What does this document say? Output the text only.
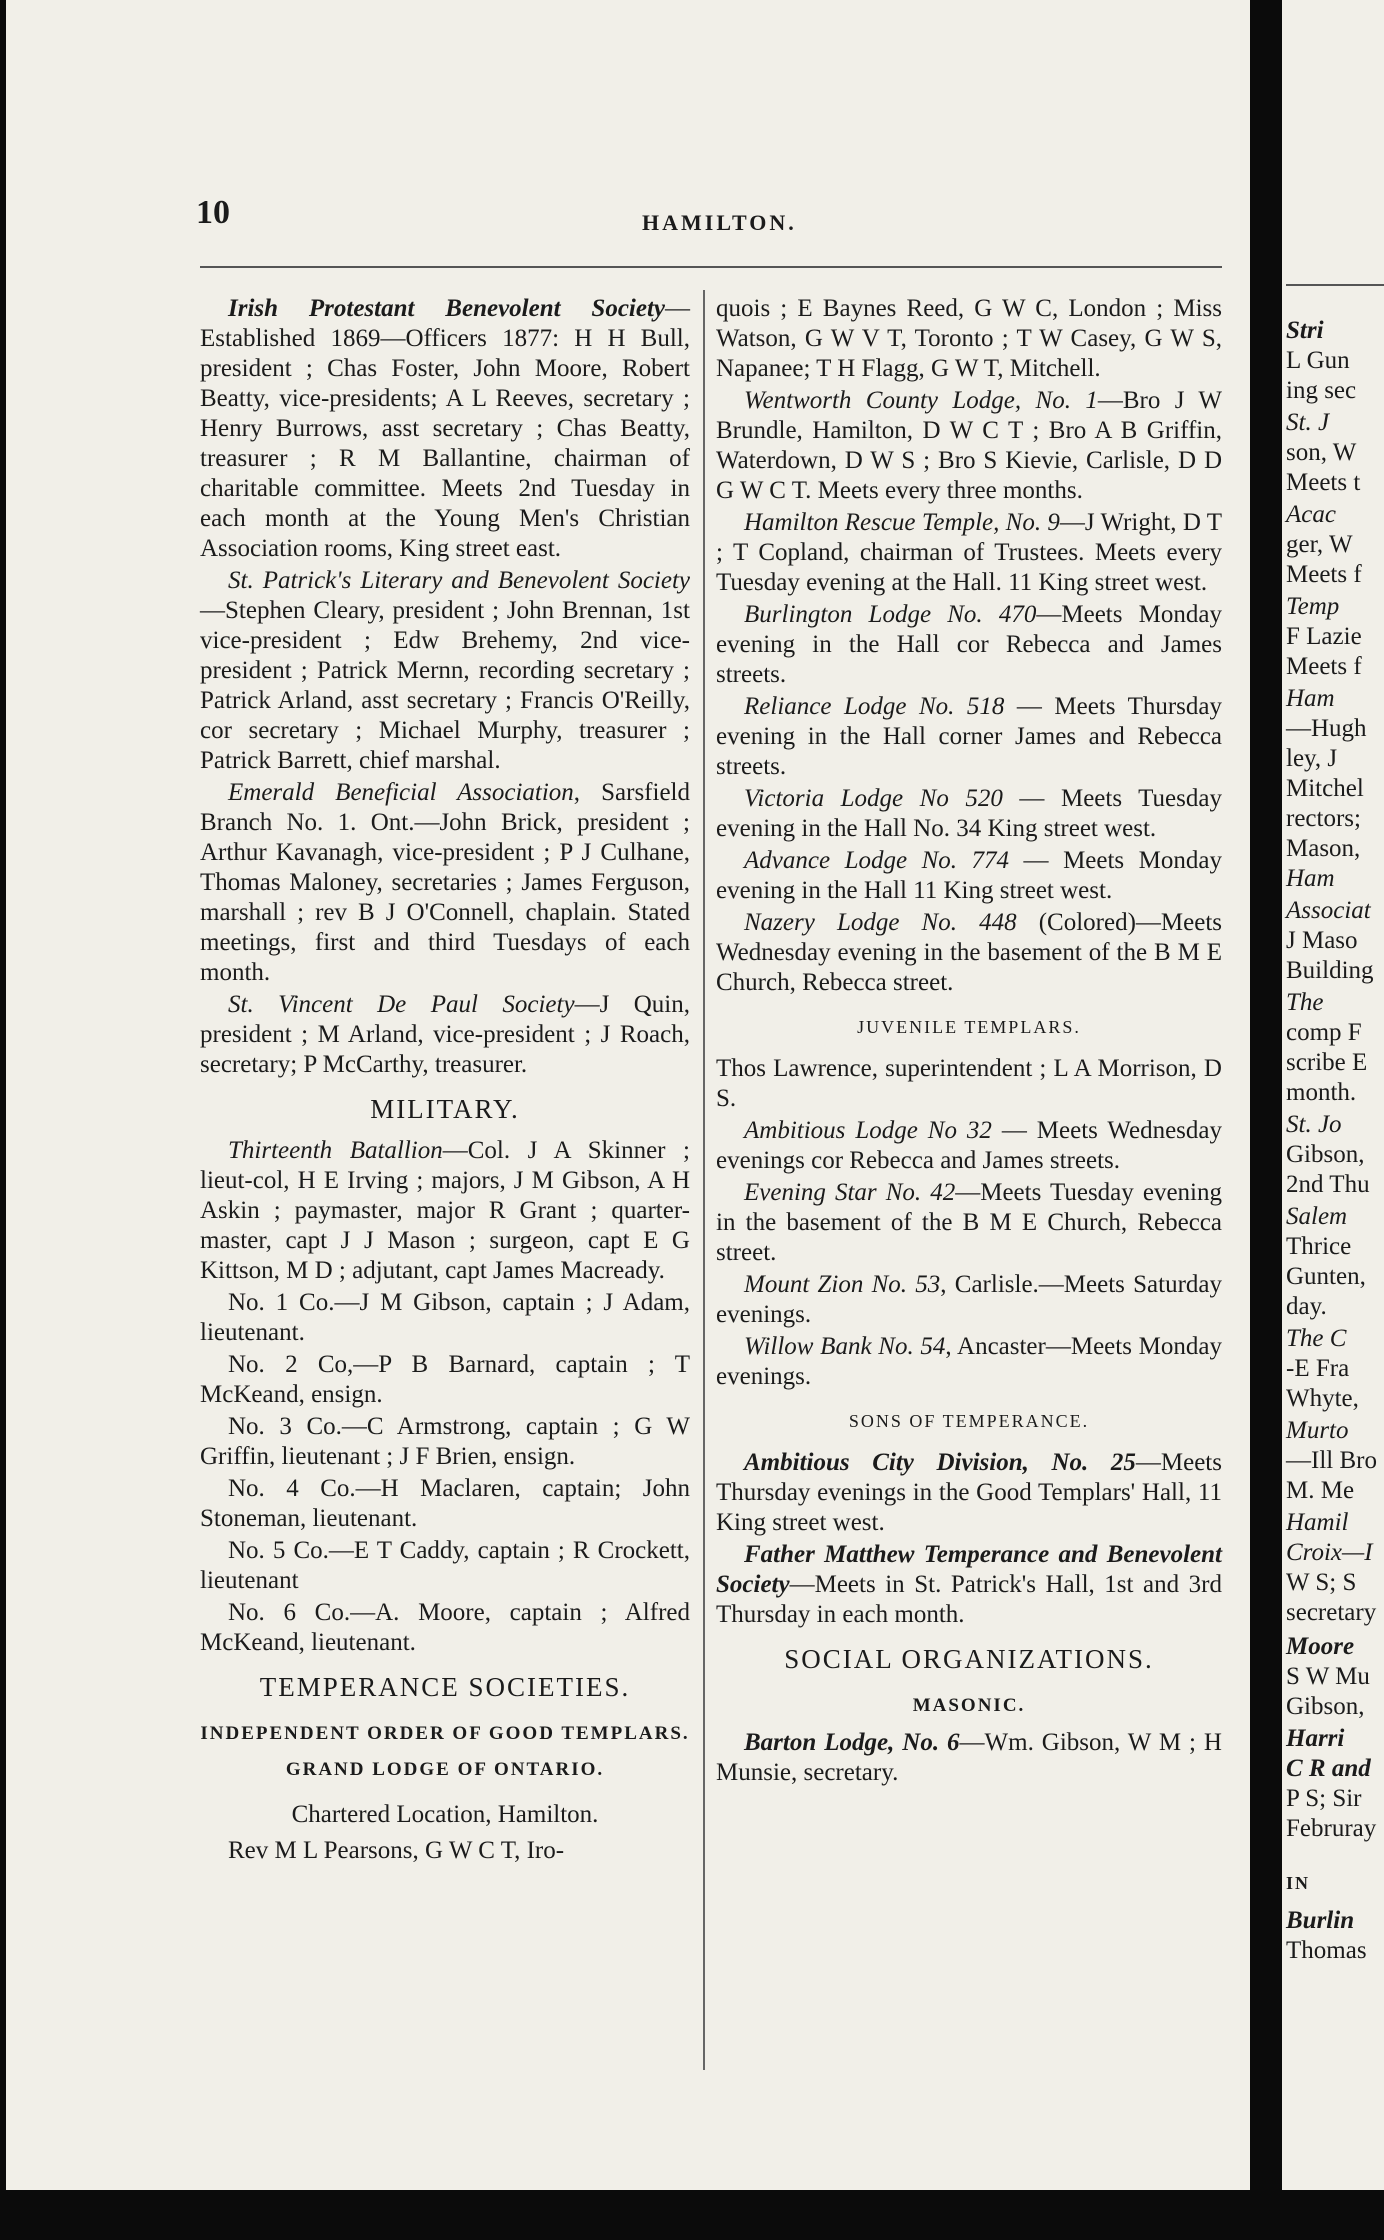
10	HAMILTON.

Irish Protestant Benevolent Society—Established 1869—Officers 1877: H H Bull, president ; Chas Foster, John Moore, Robert Beatty, vice-presidents; A L Reeves, secretary ; Henry Burrows, asst secretary ; Chas Beatty, treasurer ; R M Ballantine, chairman of charitable committee. Meets 2nd Tuesday in each month at the Young Men's Christian Association rooms, King street east.

St. Patrick's Literary and Benevolent Society—Stephen Cleary, president ; John Brennan, 1st vice-president ; Edw Brehemy, 2nd vice-president ; Patrick Mernn, recording secretary ; Patrick Arland, asst secretary ; Francis O'Reilly, cor secretary ; Michael Murphy, treasurer ; Patrick Barrett, chief marshal.

Emerald Beneficial Association, Sarsfield Branch No. 1. Ont.—John Brick, president ; Arthur Kavanagh, vice-president ; P J Culhane, Thomas Maloney, secretaries ; James Ferguson, marshall ; rev B J O'Connell, chaplain. Stated meetings, first and third Tuesdays of each month.

St. Vincent De Paul Society—J Quin, president ; M Arland, vice-president ; J Roach, secretary; P McCarthy, treasurer.

MILITARY.

Thirteenth Batallion—Col. J A Skinner ; lieut-col, H E Irving ; majors, J M Gibson, A H Askin ; paymaster, major R Grant ; quarter-master, capt J J Mason ; surgeon, capt E G Kittson, M D ; adjutant, capt James Macready.

No. 1 Co.—J M Gibson, captain ; J Adam, lieutenant.

No. 2 Co,—P B Barnard, captain ; T McKeand, ensign.

No. 3 Co.—C Armstrong, captain ; G W Griffin, lieutenant ; J F Brien, ensign.

No. 4 Co.—H Maclaren, captain; John Stoneman, lieutenant.

No. 5 Co.—E T Caddy, captain ; R Crockett, lieutenant

No. 6 Co.—A. Moore, captain ; Alfred McKeand, lieutenant.

TEMPERANCE SOCIETIES.
INDEPENDENT ORDER OF GOOD TEMPLARS. GRAND LODGE OF ONTARIO.
Chartered Location, Hamilton.

Rev M L Pearsons, G W C T, Iro-

quois ; E Baynes Reed, G W C, London ; Miss Watson, G W V T, Toronto ; T W Casey, G W S, Napanee; T H Flagg, G W T, Mitchell.

Wentworth County Lodge, No. 1—Bro J W Brundle, Hamilton, D W C T ; Bro A B Griffin, Waterdown, D W S ; Bro S Kievie, Carlisle, D D G W C T. Meets every three months.

Hamilton Rescue Temple, No. 9—J Wright, D T ; T Copland, chairman of Trustees. Meets every Tuesday evening at the Hall. 11 King street west.

Burlington Lodge No. 470—Meets Monday evening in the Hall cor Rebecca and James streets.

Reliance Lodge No. 518 — Meets Thursday evening in the Hall corner James and Rebecca streets.

Victoria Lodge No 520 — Meets Tuesday evening in the Hall No. 34 King street west.

Advance Lodge No. 774 — Meets Monday evening in the Hall 11 King street west.

Nazery Lodge No. 448 (Colored)—Meets Wednesday evening in the basement of the B M E Church, Rebecca street.

JUVENILE TEMPLARS.

Thos Lawrence, superintendent ; L A Morrison, D S.

Ambitious Lodge No 32 — Meets Wednesday evenings cor Rebecca and James streets.

Evening Star No. 42—Meets Tuesday evening in the basement of the B M E Church, Rebecca street.

Mount Zion No. 53, Carlisle.—Meets Saturday evenings.

Willow Bank No. 54, Ancaster—Meets Monday evenings.

SONS OF TEMPERANCE.

Ambitious City Division, No. 25—Meets Thursday evenings in the Good Templars' Hall, 11 King street west.

Father Matthew Temperance and Benevolent Society—Meets in St. Patrick's Hall, 1st and 3rd Thursday in each month.

SOCIAL ORGANIZATIONS.
MASONIC.

Barton Lodge, No. 6—Wm. Gibson, W M ; H Munsie, secretary.

Stri
L Gun
ing sec
St. J
son, W
Meets t
Acac
ger, W
Meets f
Temp
F Lazie
Meets f
Ham
—Hugh
ley, J
Mitchel
rectors;
Mason,
Ham
Associat
J Maso
Building
The
comp F
scribe E
month.
St. Jo
Gibson,
2nd Thu
Salem
Thrice
Gunten,
day.
The C
-E Fra
Whyte,
Murto
—Ill Bro
M. Me
Hamil
Croix—I
W S; S
secretary
Moore
S W Mu
Gibson,
Harri
C R and
P S; Sir
Februray
IN
Burlin
Thomas
